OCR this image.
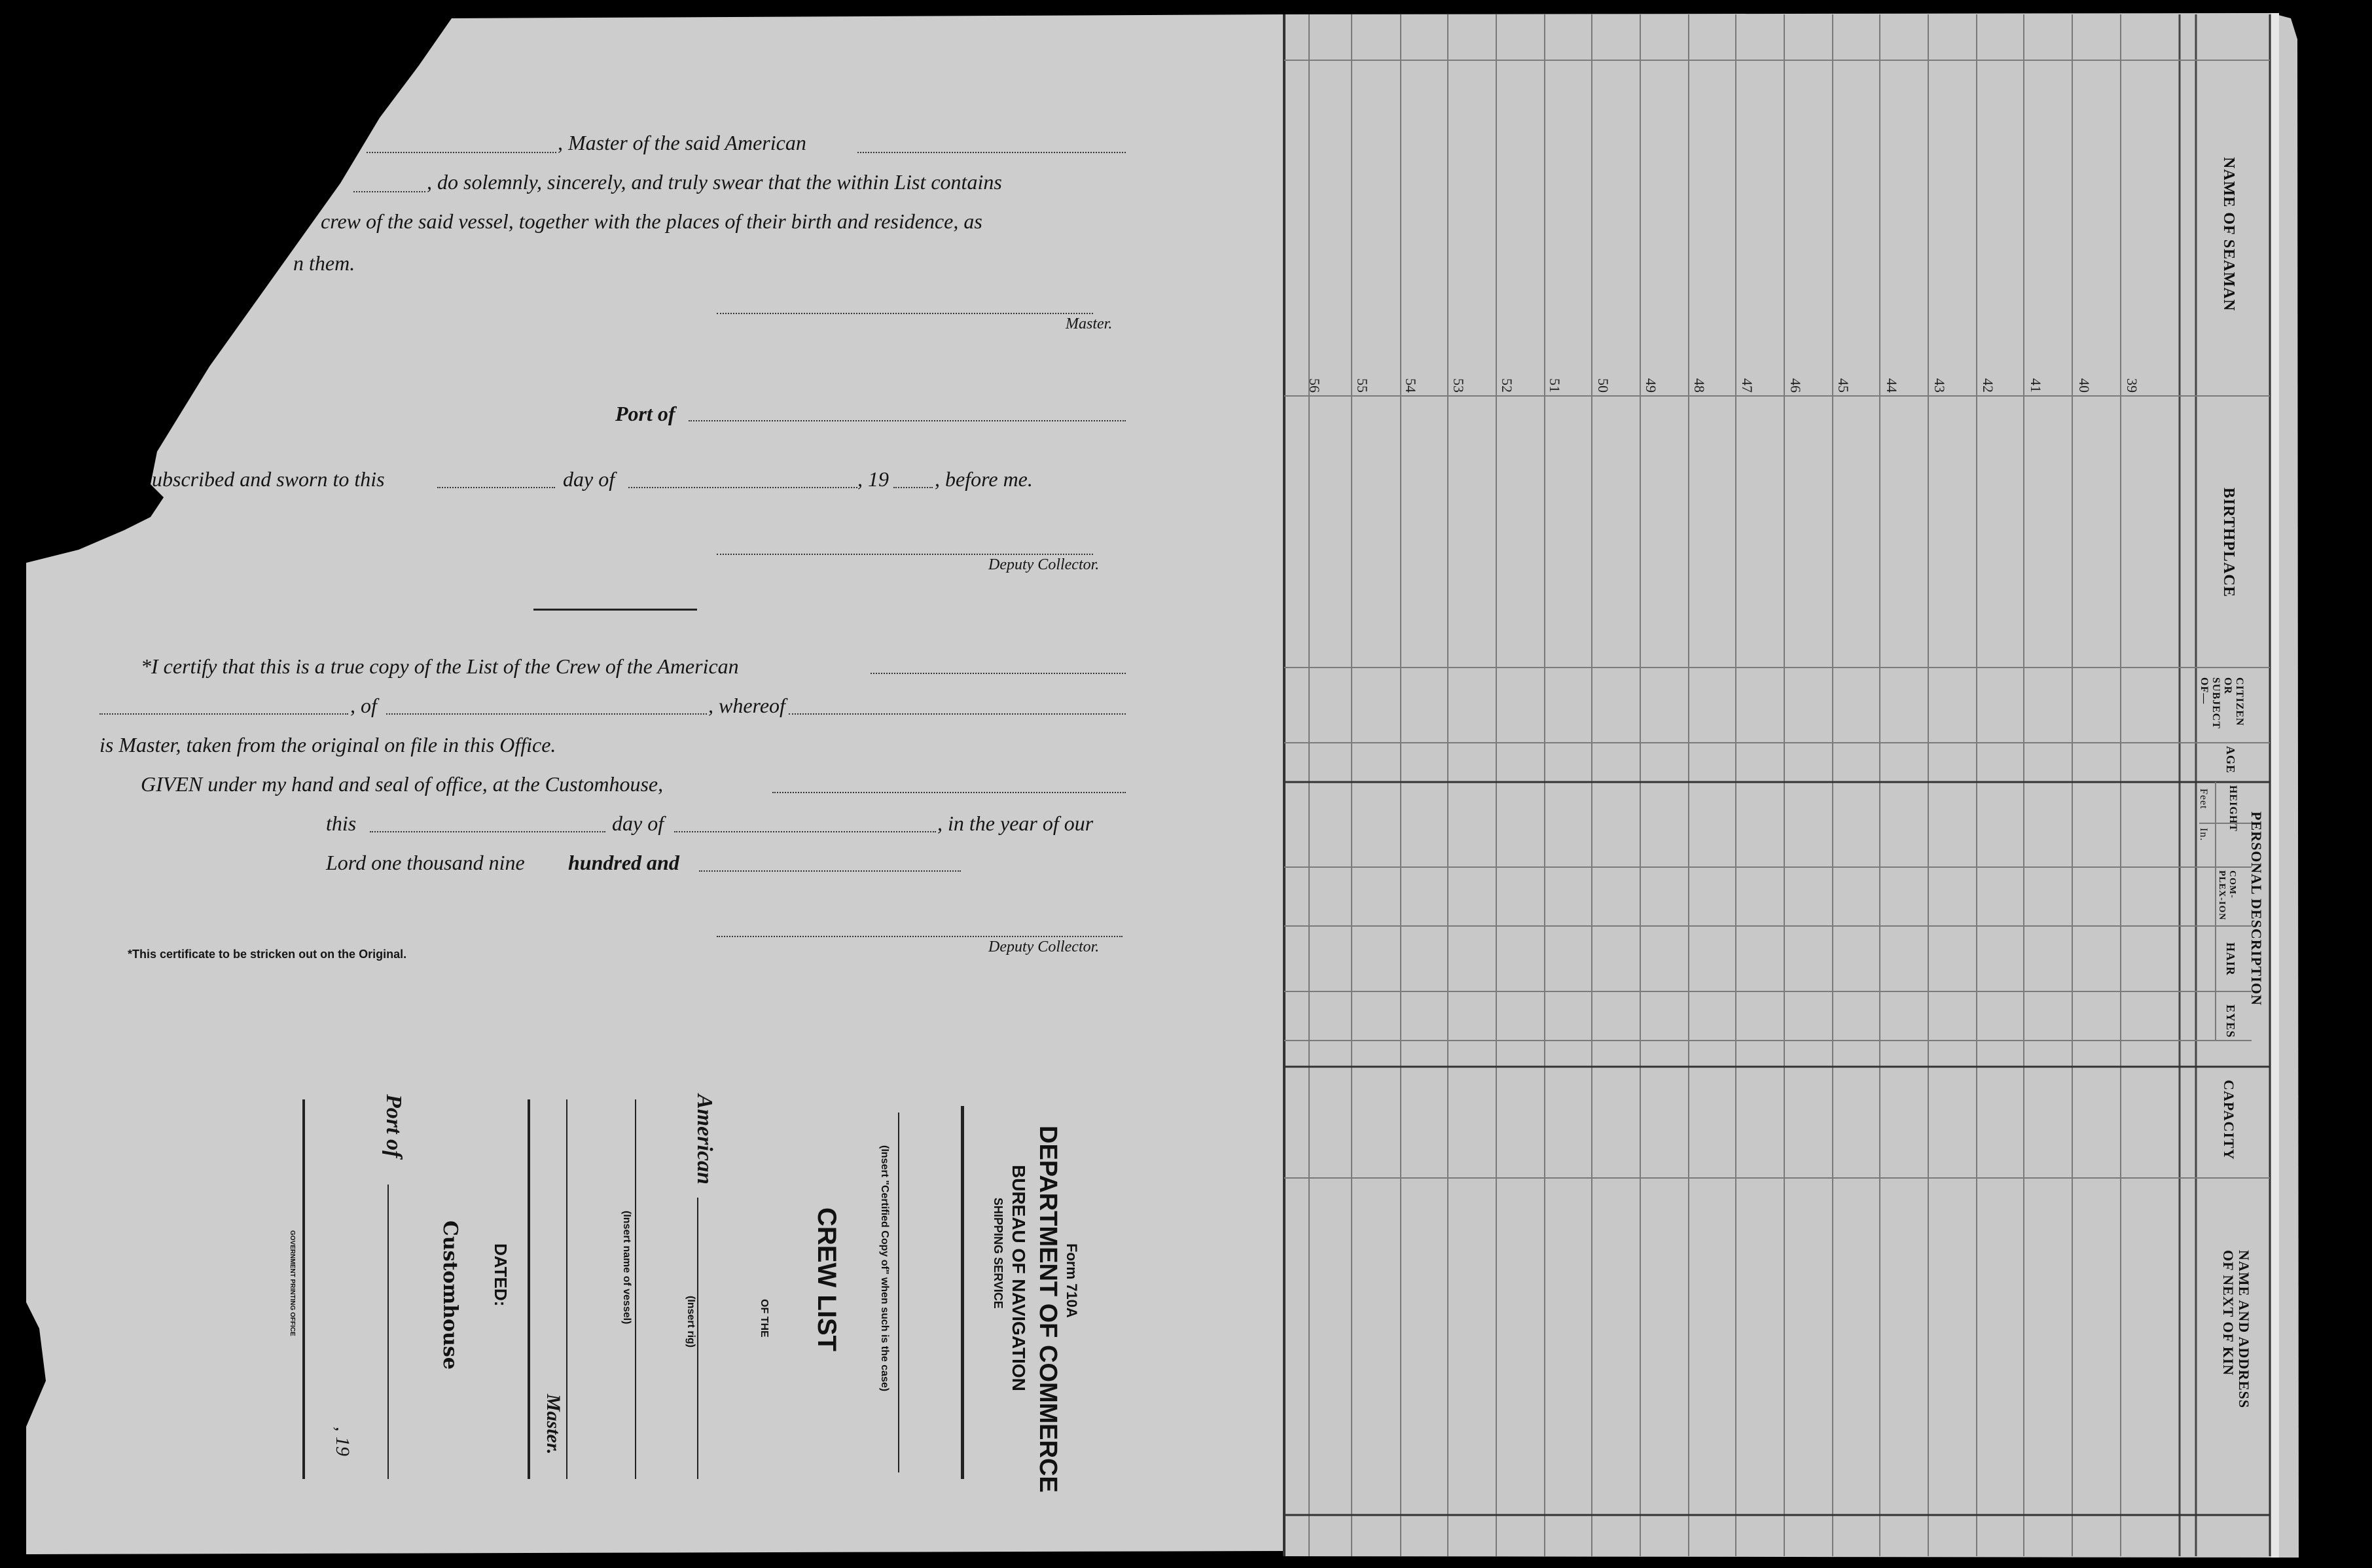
, Master of the said American
, do solemnly, sincerely, and truly swear that the within List contains
crew of the said vessel, together with the places of their birth and residence, as
n them.
Master.
Port of
ubscribed and sworn to this	day of	, 19 , before me.
Deputy Collector.
*I certify that this is a true copy of the List of the Crew of the American
, of	, whereof
is Master, taken from the original on file in this Office.
GIVEN under my hand and seal of office, at the Customhouse,
this	day of	, in the year of our
Lord one thousand nine hundred and
Deputy Collector.
*This certificate to be stricken out on the Original.
Form 710A
DEPARTMENT OF COMMERCE
BUREAU OF NAVIGATION
SHIPPING SERVICE
(Insert "Certified Copy of" when such is the case)
CREW LIST
OF THE
American
(Insert rig)
(Insert name of vessel)
Master.
DATED:
Customhouse
Port of
, 19
GOVERNMENT PRINTING OFFICE
NAME OF SEAMAN
BIRTHPLACE
CITIZEN OR SUBJECT OF—
AGE
PERSONAL DESCRIPTION
HEIGHT
Feet
In.
COM-PLEX-ION
HAIR
EYES
CAPACITY
NAME AND ADDRESS OF NEXT OF KIN
39
40
41
42
43
44
45
46
47
48
49
50
51
52
53
54
55
56
